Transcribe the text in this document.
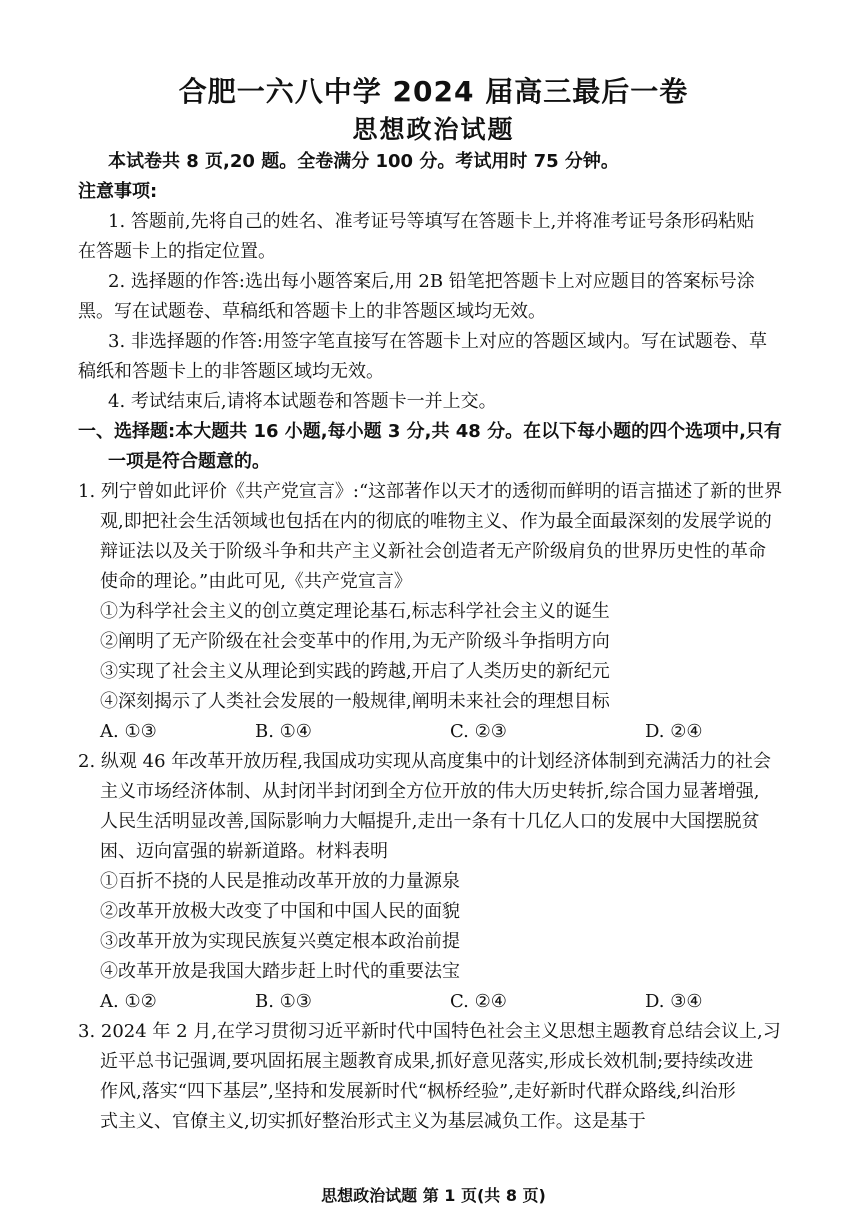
合肥一六八中学 2024 届高三最后一卷
思想政治试题
本试卷共 8 页,20 题。全卷满分 100 分。考试用时 75 分钟。
注意事项:
1. 答题前,先将自己的姓名、准考证号等填写在答题卡上,并将准考证号条形码粘贴
在答题卡上的指定位置。
2. 选择题的作答:选出每小题答案后,用 2B 铅笔把答题卡上对应题目的答案标号涂
黑。写在试题卷、草稿纸和答题卡上的非答题区域均无效。
3. 非选择题的作答:用签字笔直接写在答题卡上对应的答题区域内。写在试题卷、草
稿纸和答题卡上的非答题区域均无效。
4. 考试结束后,请将本试题卷和答题卡一并上交。
一、选择题:本大题共 16 小题,每小题 3 分,共 48 分。在以下每小题的四个选项中,只有
一项是符合题意的。
1. 列宁曾如此评价《共产党宣言》:“这部著作以天才的透彻而鲜明的语言描述了新的世界
观,即把社会生活领域也包括在内的彻底的唯物主义、作为最全面最深刻的发展学说的
辩证法以及关于阶级斗争和共产主义新社会创造者无产阶级肩负的世界历史性的革命
使命的理论。”由此可见,《共产党宣言》
①为科学社会主义的创立奠定理论基石,标志科学社会主义的诞生
②阐明了无产阶级在社会变革中的作用,为无产阶级斗争指明方向
③实现了社会主义从理论到实践的跨越,开启了人类历史的新纪元
④深刻揭示了人类社会发展的一般规律,阐明未来社会的理想目标
A. ①③	B. ①④	C. ②③	D. ②④
2. 纵观 46 年改革开放历程,我国成功实现从高度集中的计划经济体制到充满活力的社会
主义市场经济体制、从封闭半封闭到全方位开放的伟大历史转折,综合国力显著增强,
人民生活明显改善,国际影响力大幅提升,走出一条有十几亿人口的发展中大国摆脱贫
困、迈向富强的崭新道路。材料表明
①百折不挠的人民是推动改革开放的力量源泉
②改革开放极大改变了中国和中国人民的面貌
③改革开放为实现民族复兴奠定根本政治前提
④改革开放是我国大踏步赶上时代的重要法宝
A. ①②	B. ①③	C. ②④	D. ③④
3. 2024 年 2 月,在学习贯彻习近平新时代中国特色社会主义思想主题教育总结会议上,习
近平总书记强调,要巩固拓展主题教育成果,抓好意见落实,形成长效机制;要持续改进
作风,落实“四下基层”,坚持和发展新时代“枫桥经验”,走好新时代群众路线,纠治形
式主义、官僚主义,切实抓好整治形式主义为基层减负工作。这是基于
思想政治试题 第 1 页(共 8 页)
